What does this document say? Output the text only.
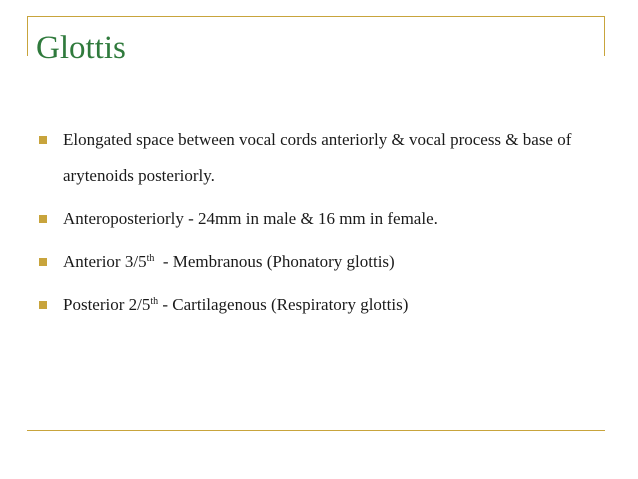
Glottis
Elongated space between vocal cords anteriorly & vocal process & base of arytenoids posteriorly.
Anteroposteriorly - 24mm in male & 16 mm in female.
Anterior 3/5th  - Membranous (Phonatory glottis)
Posterior 2/5th - Cartilagenous (Respiratory glottis)
